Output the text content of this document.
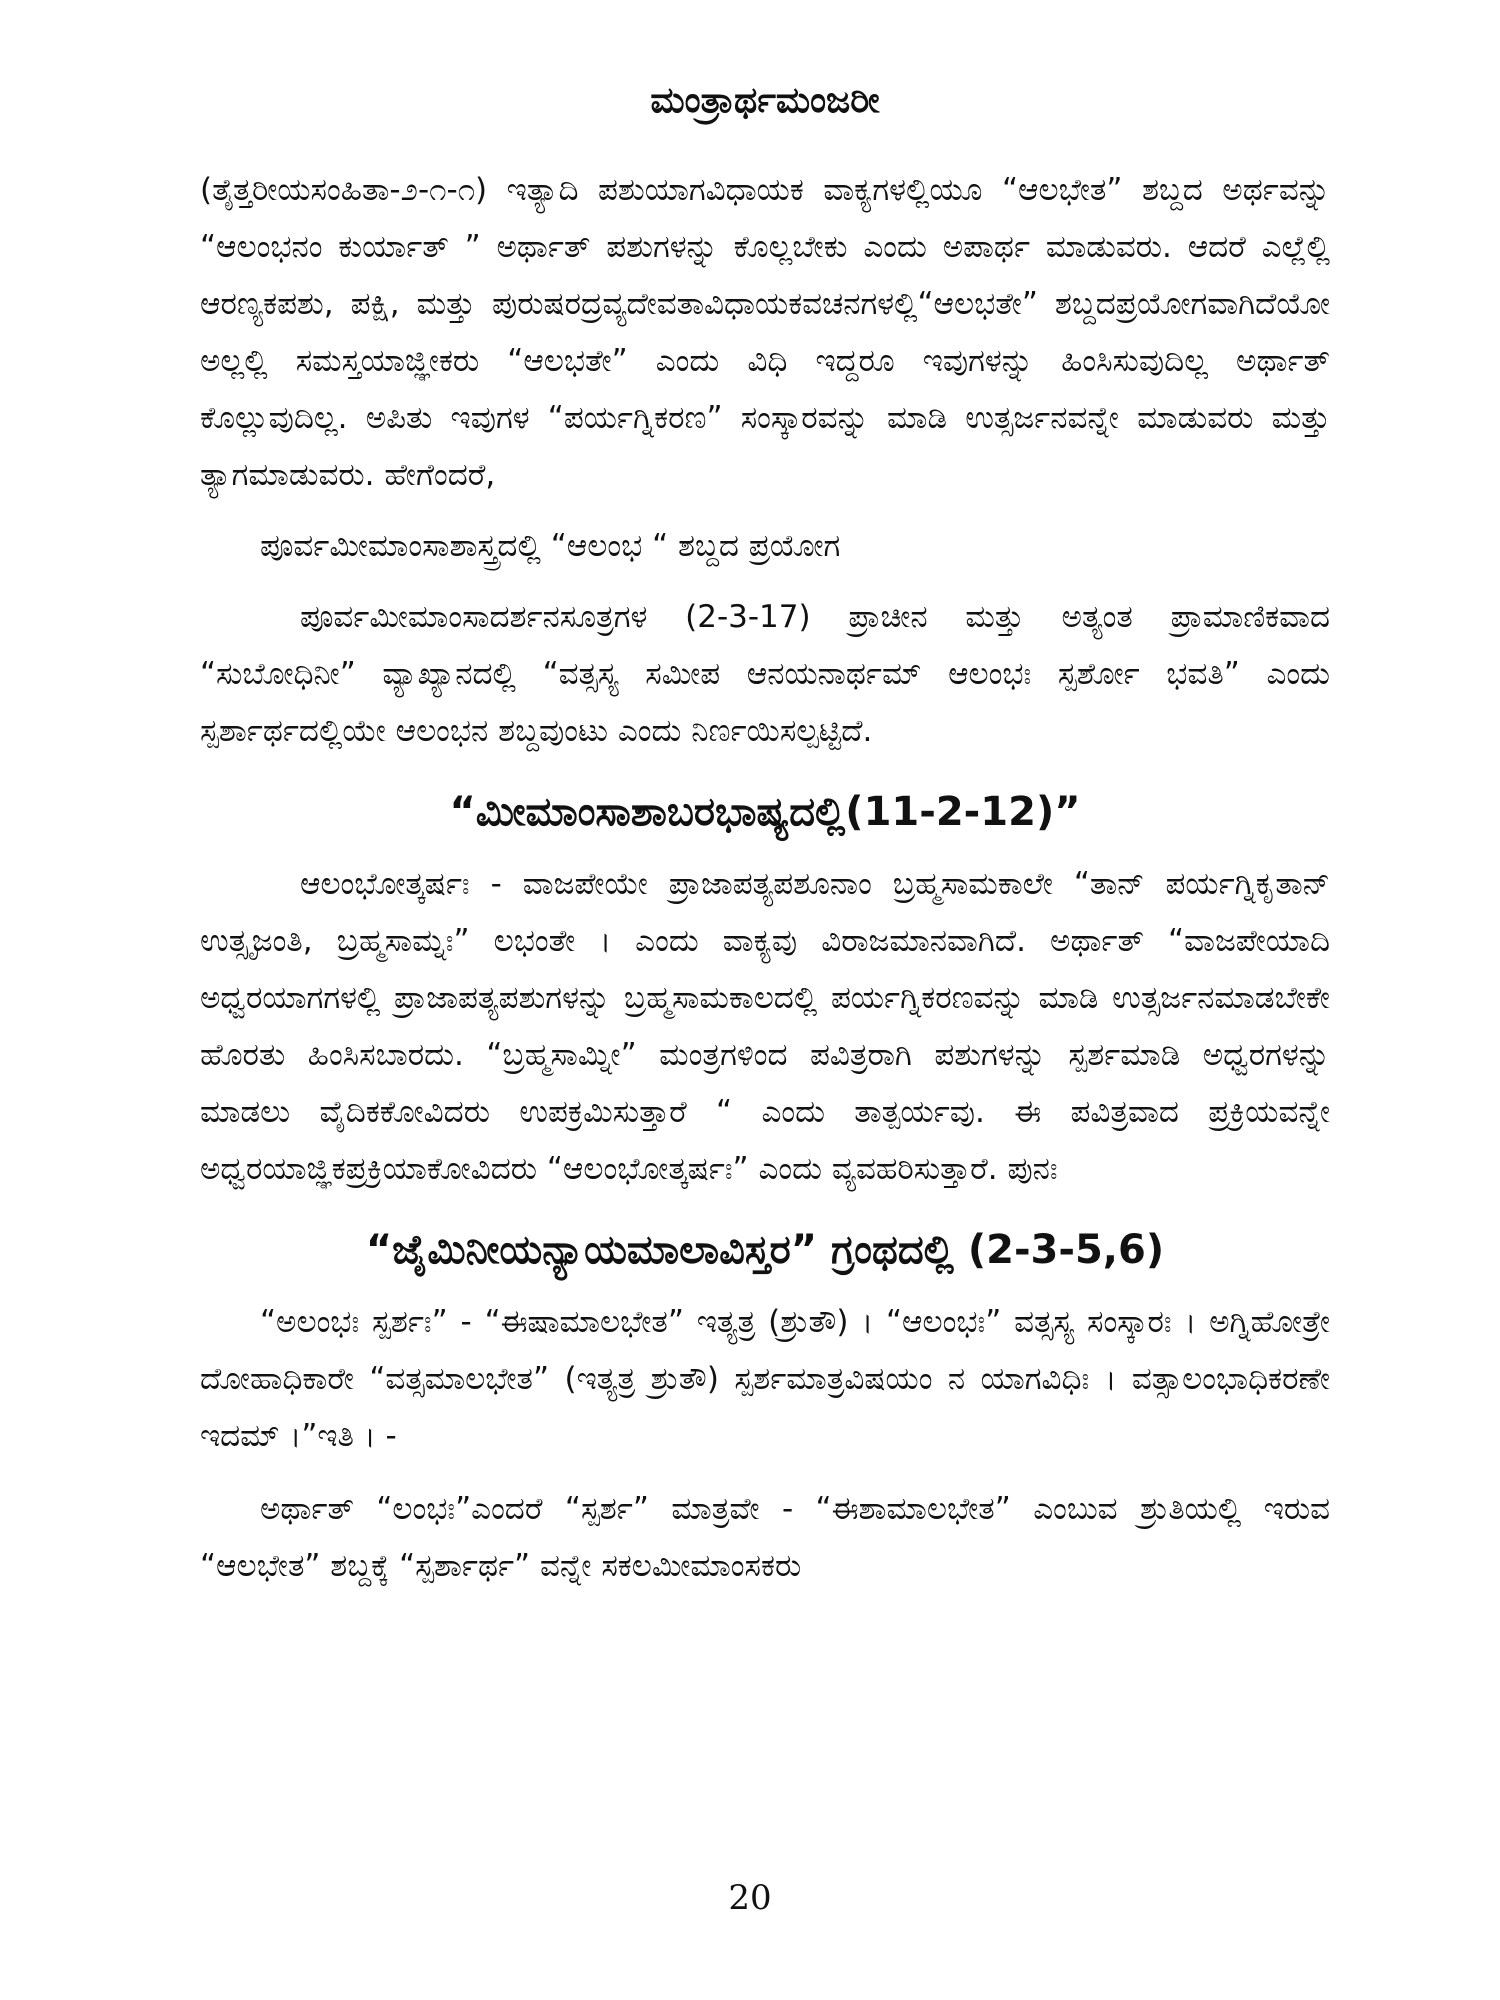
ಮಂತ್ರಾರ್ಥಮಂಜರೀ

(ತೈತ್ತರೀಯಸಂಹಿತಾ-೨-೧-೧) ಇತ್ಯಾದಿ ಪಶುಯಾಗವಿಧಾಯಕ ವಾಕ್ಯಗಳಲ್ಲಿಯೂ “ಆಲಭೇತ” ಶಬ್ದದ ಅರ್ಥವನ್ನು “ಆಲಂಭನಂ ಕುರ್ಯಾತ್ ” ಅರ್ಥಾತ್ ಪಶುಗಳನ್ನು ಕೊಲ್ಲಬೇಕು ಎಂದು ಅಪಾರ್ಥ ಮಾಡುವರು. ಆದರೆ ಎಲ್ಲೆಲ್ಲಿ ಆರಣ್ಯಕಪಶು, ಪಕ್ಷಿ, ಮತ್ತು ಪುರುಷರದ್ರವ್ಯದೇವತಾವಿಧಾಯಕವಚನಗಳಲ್ಲಿ“ಆಲಭತೇ” ಶಬ್ದದಪ್ರಯೋಗವಾಗಿದೆಯೋ ಅಲ್ಲಲ್ಲಿ ಸಮಸ್ತಯಾಜ್ಞೀಕರು “ಆಲಭತೇ” ಎಂದು ವಿಧಿ ಇದ್ದರೂ ಇವುಗಳನ್ನು ಹಿಂಸಿಸುವುದಿಲ್ಲ ಅರ್ಥಾತ್ ಕೊಲ್ಲುವುದಿಲ್ಲ. ಅಪಿತು ಇವುಗಳ “ಪರ್ಯಗ್ನಿಕರಣ” ಸಂಸ್ಕಾರವನ್ನು ಮಾಡಿ ಉತ್ಸರ್ಜನವನ್ನೇ ಮಾಡುವರು ಮತ್ತು ತ್ಯಾಗಮಾಡುವರು. ಹೇಗೆಂದರೆ,

ಪೂರ್ವಮೀಮಾಂಸಾಶಾಸ್ತ್ರದಲ್ಲಿ “ಆಲಂಭ “ ಶಬ್ದದ ಪ್ರಯೋಗ

ಪೂರ್ವಮೀಮಾಂಸಾದರ್ಶನಸೂತ್ರಗಳ (2-3-17) ಪ್ರಾಚೀನ ಮತ್ತು ಅತ್ಯಂತ ಪ್ರಾಮಾಣಿಕವಾದ “ಸುಬೋಧಿನೀ” ವ್ಯಾಖ್ಯಾನದಲ್ಲಿ “ವತ್ಸಸ್ಯ ಸಮೀಪ ಆನಯನಾರ್ಥಮ್ ಆಲಂಭಃ ಸ್ಪರ್ಶೋ ಭವತಿ” ಎಂದು ಸ್ಪರ್ಶಾರ್ಥದಲ್ಲಿಯೇ ಆಲಂಭನ ಶಬ್ದವುಂಟು ಎಂದು ನಿರ್ಣಯಿಸಲ್ಪಟ್ಟಿದೆ.

“ಮೀಮಾಂಸಾಶಾಬರಭಾಷ್ಯದಲ್ಲಿ(11-2-12)”

ಆಲಂಭೋತ್ಕರ್ಷಃ - ವಾಜಪೇಯೇ ಪ್ರಾಜಾಪತ್ಯಪಶೂನಾಂ ಬ್ರಹ್ಮಸಾಮಕಾಲೇ “ತಾನ್ ಪರ್ಯಗ್ನಿಕೃತಾನ್ ಉತ್ಸೃಜಂತಿ, ಬ್ರಹ್ಮಸಾಮ್ನಃ” ಲಭಂತೇ । ಎಂದು ವಾಕ್ಯವು ವಿರಾಜಮಾನವಾಗಿದೆ. ಅರ್ಥಾತ್ “ವಾಜಪೇಯಾದಿ ಅಧ್ವರಯಾಗಗಳಲ್ಲಿ ಪ್ರಾಜಾಪತ್ಯಪಶುಗಳನ್ನು ಬ್ರಹ್ಮಸಾಮಕಾಲದಲ್ಲಿ ಪರ್ಯಗ್ನಿಕರಣವನ್ನು ಮಾಡಿ ಉತ್ಸರ್ಜನಮಾಡಬೇಕೇ ಹೊರತು ಹಿಂಸಿಸಬಾರದು. “ಬ್ರಹ್ಮಸಾಮ್ನೀ” ಮಂತ್ರಗಳಿಂದ ಪವಿತ್ರರಾಗಿ ಪಶುಗಳನ್ನು ಸ್ಪರ್ಶಮಾಡಿ ಅಧ್ವರಗಳನ್ನು ಮಾಡಲು ವೈದಿಕಕೋವಿದರು ಉಪಕ್ರಮಿಸುತ್ತಾರೆ “ ಎಂದು ತಾತ್ಪರ್ಯವು. ಈ ಪವಿತ್ರವಾದ ಪ್ರಕ್ರಿಯವನ್ನೇ ಅಧ್ವರಯಾಜ್ಞಿಕಪ್ರಕ್ರಿಯಾಕೋವಿದರು “ಆಲಂಭೋತ್ಕರ್ಷಃ” ಎಂದು ವ್ಯವಹರಿಸುತ್ತಾರೆ. ಪುನಃ

“ಜೈಮಿನೀಯನ್ಯಾಯಮಾಲಾವಿಸ್ತರ” ಗ್ರಂಥದಲ್ಲಿ (2-3-5,6)

“ಅಲಂಭಃ ಸ್ಪರ್ಶಃ” - “ಈಷಾಮಾಲಭೇತ” ಇತ್ಯತ್ರ (ಶ್ರುತೌ) । “ಆಲಂಭಃ” ವತ್ಸಸ್ಯ ಸಂಸ್ಕಾರಃ । ಅಗ್ನಿಹೋತ್ರೇ ದೋಹಾಧಿಕಾರೇ “ವತ್ಸಮಾಲಭೇತ” (ಇತ್ಯತ್ರ ಶ್ರುತೌ) ಸ್ಪರ್ಶಮಾತ್ರವಿಷಯಂ ನ ಯಾಗವಿಧಿಃ । ವತ್ಸಾಲಂಭಾಧಿಕರಣೇ ಇದಮ್ ।”ಇತಿ । -

ಅರ್ಥಾತ್ “ಲಂಭಃ”ಎಂದರೆ “ಸ್ಪರ್ಶ” ಮಾತ್ರವೇ - “ಈಶಾಮಾಲಭೇತ” ಎಂಬುವ ಶ್ರುತಿಯಲ್ಲಿ ಇರುವ “ಆಲಭೇತ” ಶಬ್ದಕ್ಕೆ “ಸ್ಪರ್ಶಾರ್ಥ” ವನ್ನೇ ಸಕಲಮೀಮಾಂಸಕರು

20
